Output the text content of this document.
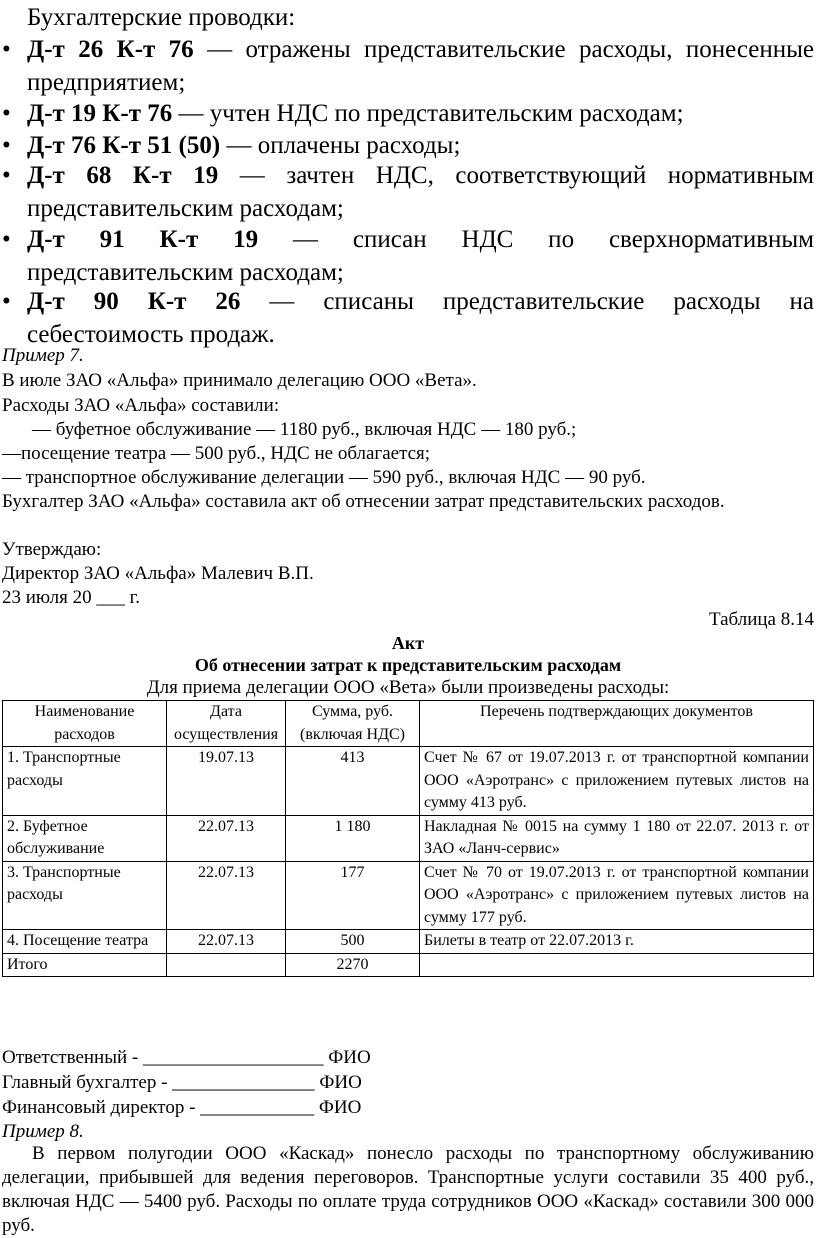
Бухгалтерские проводки:
• Д-т 26 К-т 76 — отражены представительские расходы, понесенные
предприятием;
• Д-т 19 К-т 76 — учтен НДС по представительским расходам;
• Д-т 76 К-т 51 (50) — оплачены расходы;
• Д-т 68 К-т 19 — зачтен НДС, соответствующий нормативным
представительским расходам;
• Д-т 91 К-т 19 — списан НДС по сверхнормативным
представительским расходам;
• Д-т 90 К-т 26 — списаны представительские расходы на
себестоимость продаж.
Пример 7.
В июле ЗАО «Альфа» принимало делегацию ООО «Вета».
Расходы ЗАО «Альфа» составили:
— буфетное обслуживание — 1180 руб., включая НДС — 180 руб.;
—посещение театра — 500 руб., НДС не облагается;
— транспортное обслуживание делегации — 590 руб., включая НДС — 90 руб.
Бухгалтер ЗАО «Альфа» составила акт об отнесении затрат представительских расходов.
Утверждаю:
Директор ЗАО «Альфа» Малевич В.П.
23 июля 20 ___ г.
Таблица 8.14
Акт
Об отнесении затрат к представительским расходам
Для приема делегации ООО «Вета» были произведены расходы:
Наименование расходов	Дата осуществления	Сумма, руб. (включая НДС)	Перечень подтверждающих документов
1. Транспортные расходы	19.07.13	413	Счет № 67 от 19.07.2013 г. от транспортной компании ООО «Аэротранс» с приложением путевых листов на сумму 413 руб.
2. Буфетное обслуживание	22.07.13	1 180	Накладная № 0015 на сумму 1 180 от 22.07. 2013 г. от ЗАО «Ланч-сервис»
3. Транспортные расходы	22.07.13	177	Счет № 70 от 19.07.2013 г. от транспортной компании ООО «Аэротранс» с приложением путевых листов на сумму 177 руб.
4. Посещение театра	22.07.13	500	Билеты в театр от 22.07.2013 г.
Итого		2270	
Ответственный - ___________________ ФИО
Главный бухгалтер - _______________ ФИО
Финансовый директор - ____________ ФИО
Пример 8.
В первом полугодии ООО «Каскад» понесло расходы по транспортному обслуживанию делегации, прибывшей для ведения переговоров. Транспортные услуги составили 35 400 руб., включая НДС — 5400 руб. Расходы по оплате труда сотрудников ООО «Каскад» составили 300 000 руб.
